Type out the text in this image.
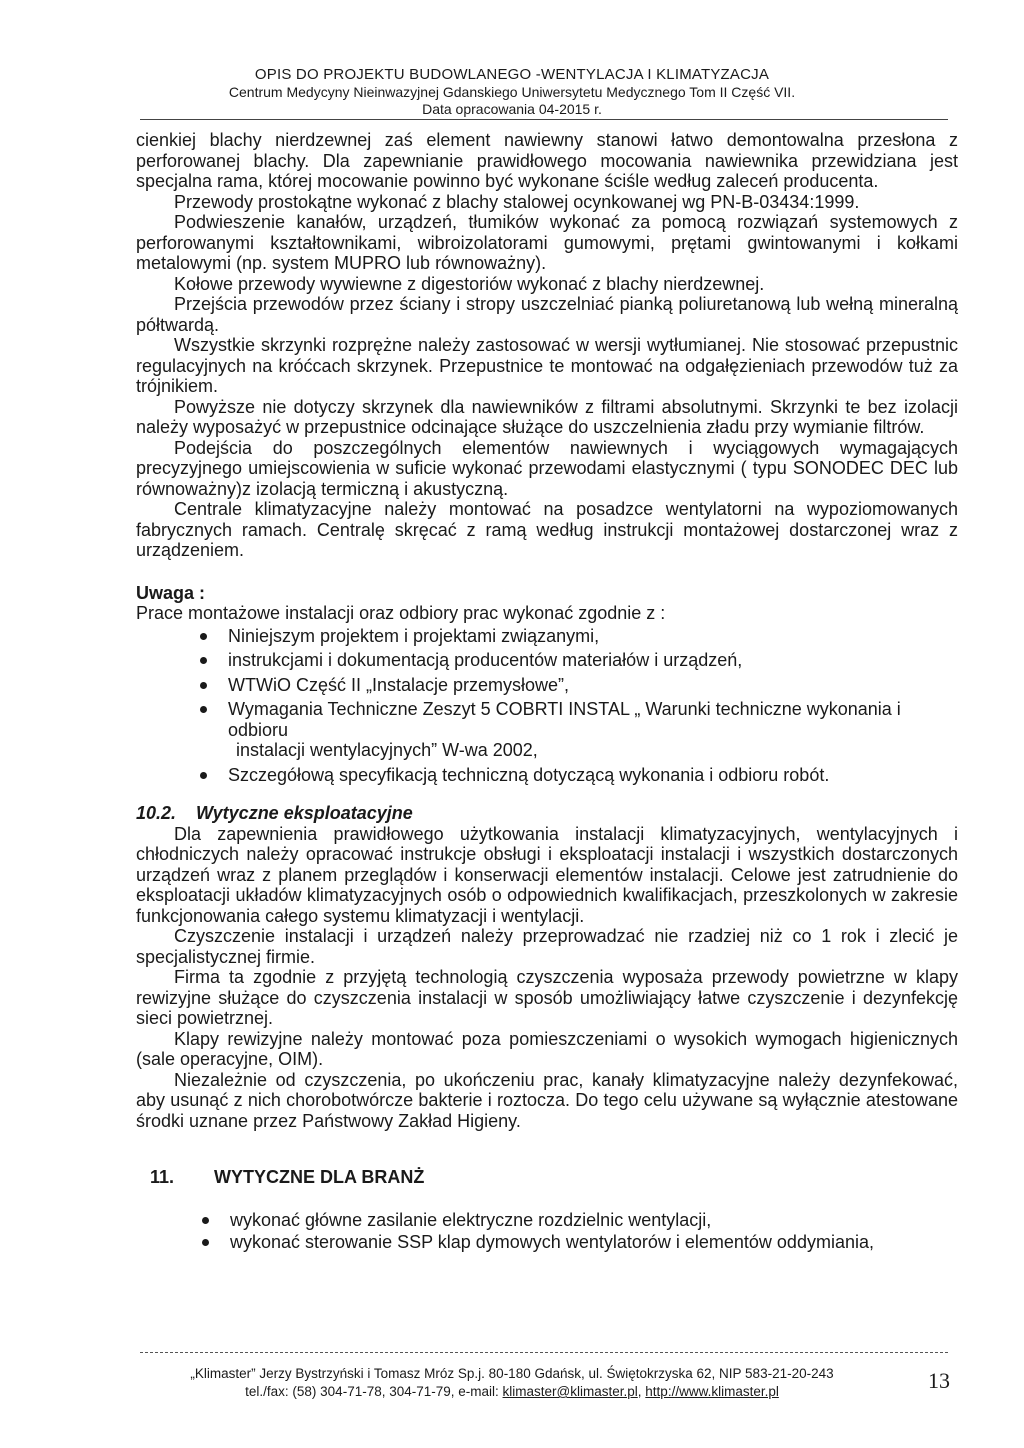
OPIS DO PROJEKTU BUDOWLANEGO -WENTYLACJA I KLIMATYZACJA
Centrum Medycyny Nieinwazyjnej Gdanskiego Uniwersytetu Medycznego Tom II Część VII.
Data opracowania 04-2015 r.

cienkiej blachy nierdzewnej zaś element nawiewny stanowi łatwo demontowalna przesłona z perforowanej blachy. Dla zapewnianie prawidłowego mocowania nawiewnika przewidziana jest specjalna rama, której mocowanie powinno być wykonane ściśle według zaleceń producenta.

Przewody prostokątne wykonać z blachy stalowej ocynkowanej wg PN-B-03434:1999.

Podwieszenie kanałów, urządzeń, tłumików wykonać za pomocą rozwiązań systemowych z perforowanymi kształtownikami, wibroizolatorami gumowymi, prętami gwintowanymi i kołkami metalowymi (np. system MUPRO lub równoważny).

Kołowe przewody wywiewne z digestoriów wykonać z blachy nierdzewnej.

Przejścia przewodów przez ściany i stropy uszczelniać pianką poliuretanową lub wełną mineralną półtwardą.

Wszystkie skrzynki rozprężne należy zastosować w wersji wytłumianej. Nie stosować przepustnic regulacyjnych na króćcach skrzynek. Przepustnice te montować na odgałęzieniach przewodów tuż za trójnikiem.

Powyższe nie dotyczy skrzynek dla nawiewników z filtrami absolutnymi. Skrzynki te bez izolacji należy wyposażyć w przepustnice odcinające służące do uszczelnienia zładu przy wymianie filtrów.

Podejścia do poszczególnych elementów nawiewnych i wyciągowych wymagających precyzyjnego umiejscowienia w suficie wykonać przewodami elastycznymi ( typu SONODEC DEC lub równoważny)z izolacją termiczną i akustyczną.

Centrale klimatyzacyjne należy montować na posadzce wentylatorni na wypoziomowanych fabrycznych ramach. Centralę skręcać z ramą według instrukcji montażowej dostarczonej wraz z urządzeniem.

Uwaga :

Prace montażowe instalacji oraz odbiory prac wykonać zgodnie z :

Niniejszym projektem i projektami związanymi,
instrukcjami i dokumentacją producentów materiałów i urządzeń,
WTWiO Część II „Instalacje przemysłowe”,
Wymagania Techniczne Zeszyt 5 COBRTI INSTAL „ Warunki techniczne wykonania i odbioru
instalacji wentylacyjnych” W-wa 2002,
Szczegółową specyfikacją techniczną dotyczącą wykonania i odbioru robót.

10.2. Wytyczne eksploatacyjne

Dla zapewnienia prawidłowego użytkowania instalacji klimatyzacyjnych, wentylacyjnych i chłodniczych należy opracować instrukcje obsługi i eksploatacji instalacji i wszystkich dostarczonych urządzeń wraz z planem przeglądów i konserwacji elementów instalacji. Celowe jest zatrudnienie do eksploatacji układów klimatyzacyjnych osób o odpowiednich kwalifikacjach, przeszkolonych w zakresie funkcjonowania całego systemu klimatyzacji i wentylacji.

Czyszczenie instalacji i urządzeń należy przeprowadzać nie rzadziej niż co 1 rok i zlecić je specjalistycznej firmie.

Firma ta zgodnie z przyjętą technologią czyszczenia wyposaża przewody powietrzne w klapy rewizyjne służące do czyszczenia instalacji w sposób umożliwiający łatwe czyszczenie i dezynfekcję sieci powietrznej.

Klapy rewizyjne należy montować poza pomieszczeniami o wysokich wymogach higienicznych (sale operacyjne, OIM).

Niezależnie od czyszczenia, po ukończeniu prac, kanały klimatyzacyjne należy dezynfekować, aby usunąć z nich chorobotwórcze bakterie i roztocza. Do tego celu używane są wyłącznie atestowane środki uznane przez Państwowy Zakład Higieny.

11. WYTYCZNE DLA BRANŻ

wykonać główne zasilanie elektryczne rozdzielnic wentylacji,
wykonać sterowanie SSP klap dymowych wentylatorów i elementów oddymiania,
„Klimaster” Jerzy Bystrzyński i Tomasz Mróz Sp.j. 80-180 Gdańsk, ul. Świętokrzyska 62, NIP 583-21-20-243
tel./fax: (58) 304-71-78, 304-71-79, e-mail: klimaster@klimaster.pl, http://www.klimaster.pl	13
